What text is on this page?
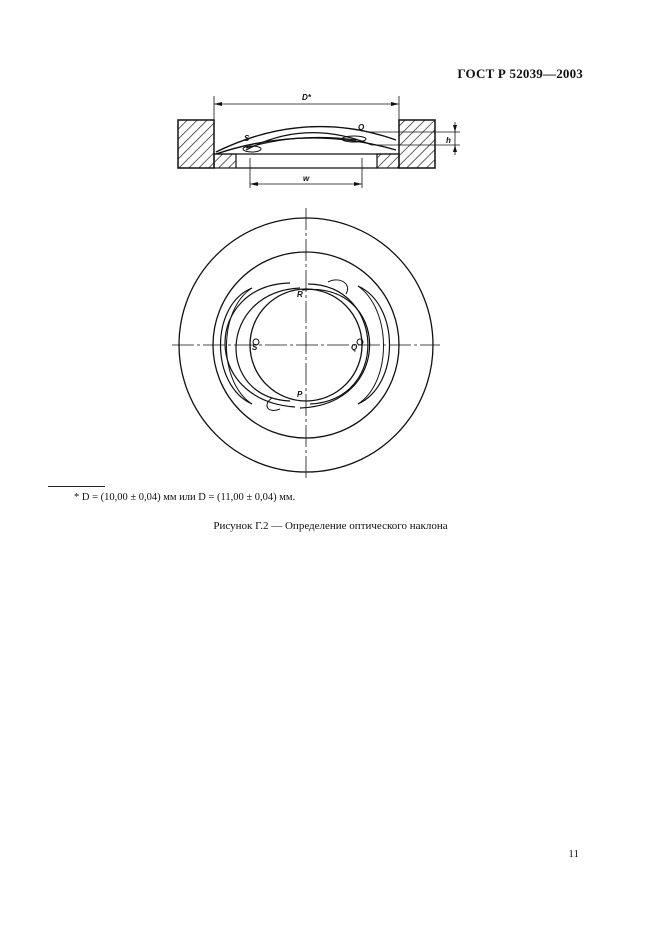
ГОСТ Р 52039—2003
D*
S
Q
h
w
R
S	Q
P
* D = (10,00 ± 0,04) мм или D = (11,00 ± 0,04) мм.
Рисунок Г.2 — Определение оптического наклона
11
